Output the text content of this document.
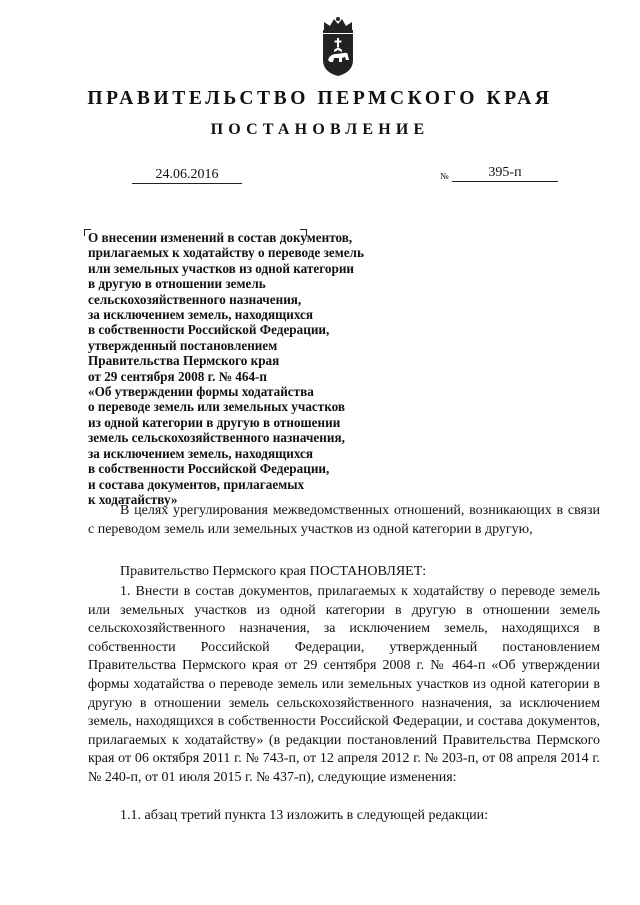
ПРАВИТЕЛЬСТВО ПЕРМСКОГО КРАЯ
ПОСТАНОВЛЕНИЕ
24.06.2016	№	395-п
О внесении изменений в состав документов,
прилагаемых к ходатайству о переводе земель
или земельных участков из одной категории
в другую в отношении земель
сельскохозяйственного назначения,
за исключением земель, находящихся
в собственности Российской Федерации,
утвержденный постановлением
Правительства Пермского края
от 29 сентября 2008 г. № 464-п
«Об утверждении формы ходатайства
о переводе земель или земельных участков
из одной категории в другую в отношении
земель сельскохозяйственного назначения,
за исключением земель, находящихся
в собственности Российской Федерации,
и состава документов, прилагаемых
к ходатайству»
В целях урегулирования межведомственных отношений, возникающих в связи с переводом земель или земельных участков из одной категории в другую,
Правительство Пермского края ПОСТАНОВЛЯЕТ:
1. Внести в состав документов, прилагаемых к ходатайству о переводе земель или земельных участков из одной категории в другую в отношении земель сельскохозяйственного назначения, за исключением земель, находящихся в собственности Российской Федерации, утвержденный постановлением Правительства Пермского края от 29 сентября 2008 г. № 464-п «Об утверждении формы ходатайства о переводе земель или земельных участков из одной категории в другую в отношении земель сельскохозяйственного назначения, за исключением земель, находящихся в собственности Российской Федерации, и состава документов, прилагаемых к ходатайству» (в редакции постановлений Правительства Пермского края от 06 октября 2011 г. № 743-п, от 12 апреля 2012 г. № 203-п, от 08 апреля 2014 г. № 240-п, от 01 июля 2015 г. № 437-п), следующие изменения:
1.1. абзац третий пункта 13 изложить в следующей редакции:
